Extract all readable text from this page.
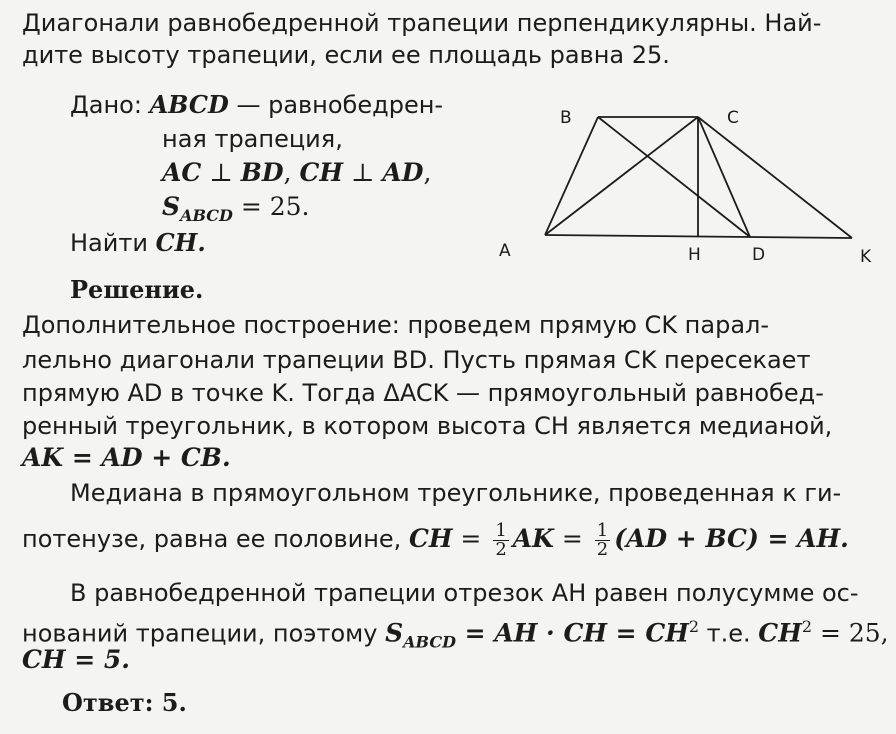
Диагонали равнобедренной трапеции перпендикулярны. Най-
дите высоту трапеции, если ее площадь равна 25.
Дано: ABCD — равнобедрен-
ная трапеция,
AC ⊥ BD, CH ⊥ AD,
$S_{ABCD} = 25$.
Найти CH.
B	C
A	H	D	K
Решение.
Дополнительное построение: проведем прямую CK парал-
лельно диагонали трапеции BD. Пусть прямая CK пересекает
прямую AD в точке K. Тогда ΔACK — прямоугольный равнобед-
ренный треугольник, в котором высота CH является медианой,
AK = AD + CB.
Медиана в прямоугольном треугольнике, проведенная к ги-
потенузе, равна ее половине, CH = $\frac{1}{2}$ AK = $\frac{1}{2} (AD + BC)$ = AH.
В равнобедренной трапеции отрезок AH равен полусумме ос-
нований трапеции, поэтому $S_{ABCD}$ = AH · CH = $CH^2$ т.е. $CH^2 = 25$,
CH = 5.
Ответ: 5.
